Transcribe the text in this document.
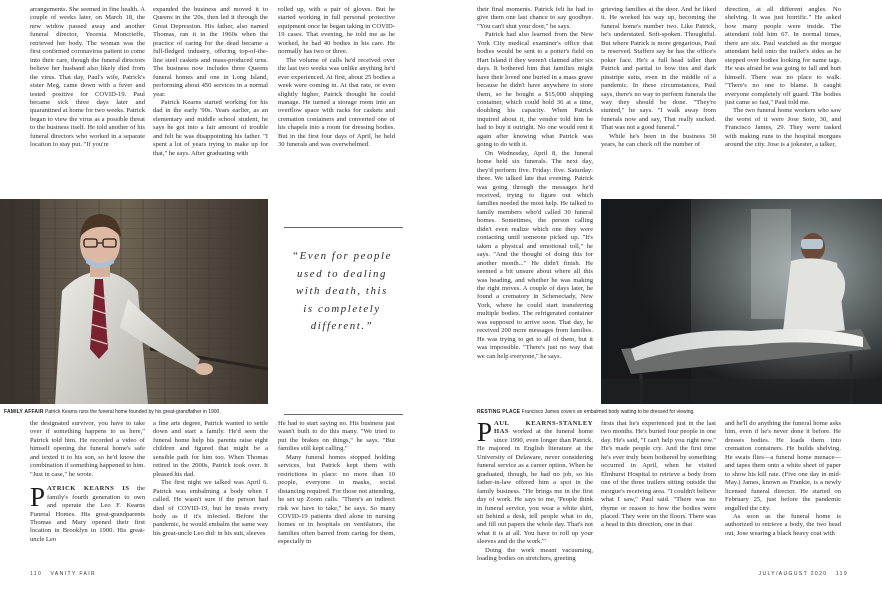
arrangements. She seemed in fine health. A couple of weeks later, on March 18, the new widow passed away and another funeral director, Yecenia Moncrieffe, retrieved her body. The woman was the first confirmed coronavirus patient to come into their care, though the funeral directors believe her husband also likely died from the virus. That day, Paul's wife, Patrick's sister Meg, came down with a fever and tested positive for COVID-19. Paul became sick three days later and quarantined at home for two weeks. Patrick began to view the virus as a possible threat to the business itself. He told another of his funeral directors who worked in a separate location to stay put. "If you're

expanded the business and moved it to Queens in the '20s, then led it through the Great Depression. His father, also named Thomas, ran it in the 1960s when the practice of caring for the dead became a full-fledged industry, offering top-of-the-line steel caskets and mass-produced urns. The business now includes three Queens funeral homes and one in Long Island, performing about 450 services in a normal year.

Patrick Kearns started working for his dad in the early '90s. Years earlier, as an elementary and middle school student, he says he got into a fair amount of trouble and felt he was disappointing his father. "I spent a lot of years trying to make up for that," he says. After graduating with

rolled up, with a pair of gloves. But he started working in full personal protective equipment once he began taking in COVID-19 cases. That evening, he told me as he worked, he had 40 bodies in his care. He normally has two or three.

The volume of calls he'd received over the last two weeks was unlike anything he'd ever experienced. At first, about 25 bodies a week were coming in. At that rate, or even slightly higher, Patrick thought he could manage. He turned a storage room into an overflow space with racks for caskets and cremation containers and converted one of his chapels into a room for dressing bodies. But in the first four days of April, he held 30 funerals and was overwhelmed.

their final moments. Patrick felt he had to give them one last chance to say goodbye. "You can't shut your door," he says.

Patrick had also learned from the New York City medical examiner's office that bodies would be sent to a potter's field on Hart Island if they weren't claimed after six days. It bothered him that families might have their loved one buried in a mass grave because he didn't have anywhere to store them, so he bought a $15,000 shipping container, which could hold 36 at a time, doubling his capacity. When Patrick inquired about it, the vendor told him he had to buy it outright. No one would rent it again after knowing what Patrick was going to do with it.

On Wednesday, April 8, the funeral home held six funerals. The next day, they'd perform five. Friday: five. Saturday: three. We talked late that evening. Patrick was going through the messages he'd received, trying to figure out which families needed the most help. He talked to family members who'd called 30 funeral homes. Sometimes, the person calling didn't even realize which one they were contacting until someone picked up. "It's taken a physical and emotional toll," he says. "And the thought of doing this for another month..." He didn't finish. He seemed a bit unsure about where all this was heading, and whether he was making the right moves. A couple of days later, he found a crematory in Schenectady, New York, where he could start transferring multiple bodies. The refrigerated container was supposed to arrive soon. That day, he received 200 more messages from families. He was trying to get to all of them, but it was impossible. "There's just no way that we can help everyone," he says.

grieving families at the door. And he liked it. He worked his way up, becoming the funeral home's number two. Like Patrick, he's understated. Soft-spoken. Thoughtful. But where Patrick is more gregarious, Paul is reserved. Staffers say he has the office's poker face. He's a full head taller than Patrick and partial to bow ties and dark pinstripe suits, even in the middle of a pandemic. In these circumstances, Paul says, there's no way to perform funerals the way they should be done. "They're stunted," he says. "I walk away from funerals now and say, That really sucked. That was not a good funeral."

While he's been in the business 30 years, he can check off the number of

direction, at all different angles. No shelving. It was just horrific." He asked how many people were inside. The attendant told him 67. In normal times, there are six. Paul watched as the morgue attendant held onto the trailer's sides as he stepped over bodies looking for name tags. He was afraid he was going to fall and hurt himself. There was no place to walk. "There's no one to blame. It caught everyone completely off guard. The bodies just came so fast," Paul told me.

The two funeral home workers who saw the worst of it were Jose Soto, 30, and Francisco James, 29. They were tasked with making runs to the hospital morgues around the city. Jose is a jokester, a talker,

FAMILY AFFAIR Patrick Kearns runs the funeral home founded by his great-grandfather in 1900.
“Even for people used to dealing with death, this is completely different.”
RESTING PLACE Francisco James covers an embalmed body waiting to be dressed for viewing.

the designated survivor, you have to take over if something happens to us here," Patrick told him. He recorded a video of himself opening the funeral home's safe and texted it to his son, so he'd know the combination if something happened to him. "Just in case," he wrote.

PATRICK KEARNS IS the family's fourth generation to own and operate the Leo F. Kearns Funeral Homes. His great-grandparents Thomas and Mary opened their first location in Brooklyn in 1900. His great-uncle Leo

a fine arts degree, Patrick wanted to settle down and start a family. He'd seen the funeral home help his parents raise eight children and figured that might be a sensible path for him too. When Thomas retired in the 2000s, Patrick took over. It pleased his dad.

The first night we talked was April 6. Patrick was embalming a body when I called. He wasn't sure if the person had died of COVID-19, but he treats every body as if it's infected. Before the pandemic, he would embalm the same way his great-uncle Leo did: in his suit, sleeves

He had to start saying no. His business just wasn't built to do this many. "We tried to put the brakes on things," he says. "But families still kept calling."

Many funeral homes stopped holding services, but Patrick kept them with restrictions in place: no more than 10 people, everyone in masks, social distancing required. For those not attending, he set up Zoom calls. "There's an indirect risk we have to take," he says. So many COVID-19 patients died alone in nursing homes or in hospitals on ventilators, the families often barred from caring for them, especially in

PAUL KEARNS-STANLEY HAS worked at the funeral home since 1990, even longer than Patrick. He majored in English literature at the University of Delaware, never considering funeral service as a career option. When he graduated, though, he had no job, so his father-in-law offered him a spot in the family business. "He brings me in the first day of work. He says to me, 'People think in funeral service, you wear a white shirt, sit behind a desk, tell people what to do, and fill out papers the whole day. That's not what it is at all. You have to roll up your sleeves and do the work.'"

Doing the work meant vacuuming, loading bodies on stretchers, greeting

firsts that he's experienced just in the last two months. He's buried four people in one day. He's said, "I can't help you right now." He's made people cry. And the first time he's ever truly been bothered by something occurred in April, when he visited Elmhurst Hospital to retrieve a body from one of the three trailers sitting outside the morgue's receiving area. "I couldn't believe what I saw," Paul said. "There was no rhyme or reason to how the bodies were placed. They were on the floors. There was a head in this direction, one in that

and he'll do anything the funeral home asks him, even if he's never done it before. He dresses bodies. He loads them into cremation containers. He builds shelving. He swats flies—a funeral home menace—and tapes them onto a white sheet of paper to show his kill rate. (Five one day in mid-May.) James, known as Frankie, is a newly licensed funeral director. He started on February 25, just before the pandemic engulfed the city.

As soon as the funeral home is authorized to retrieve a body, the two head out, Jose wearing a black heavy coat with

110 VANITY FAIR	JULY/AUGUST 2020 119
